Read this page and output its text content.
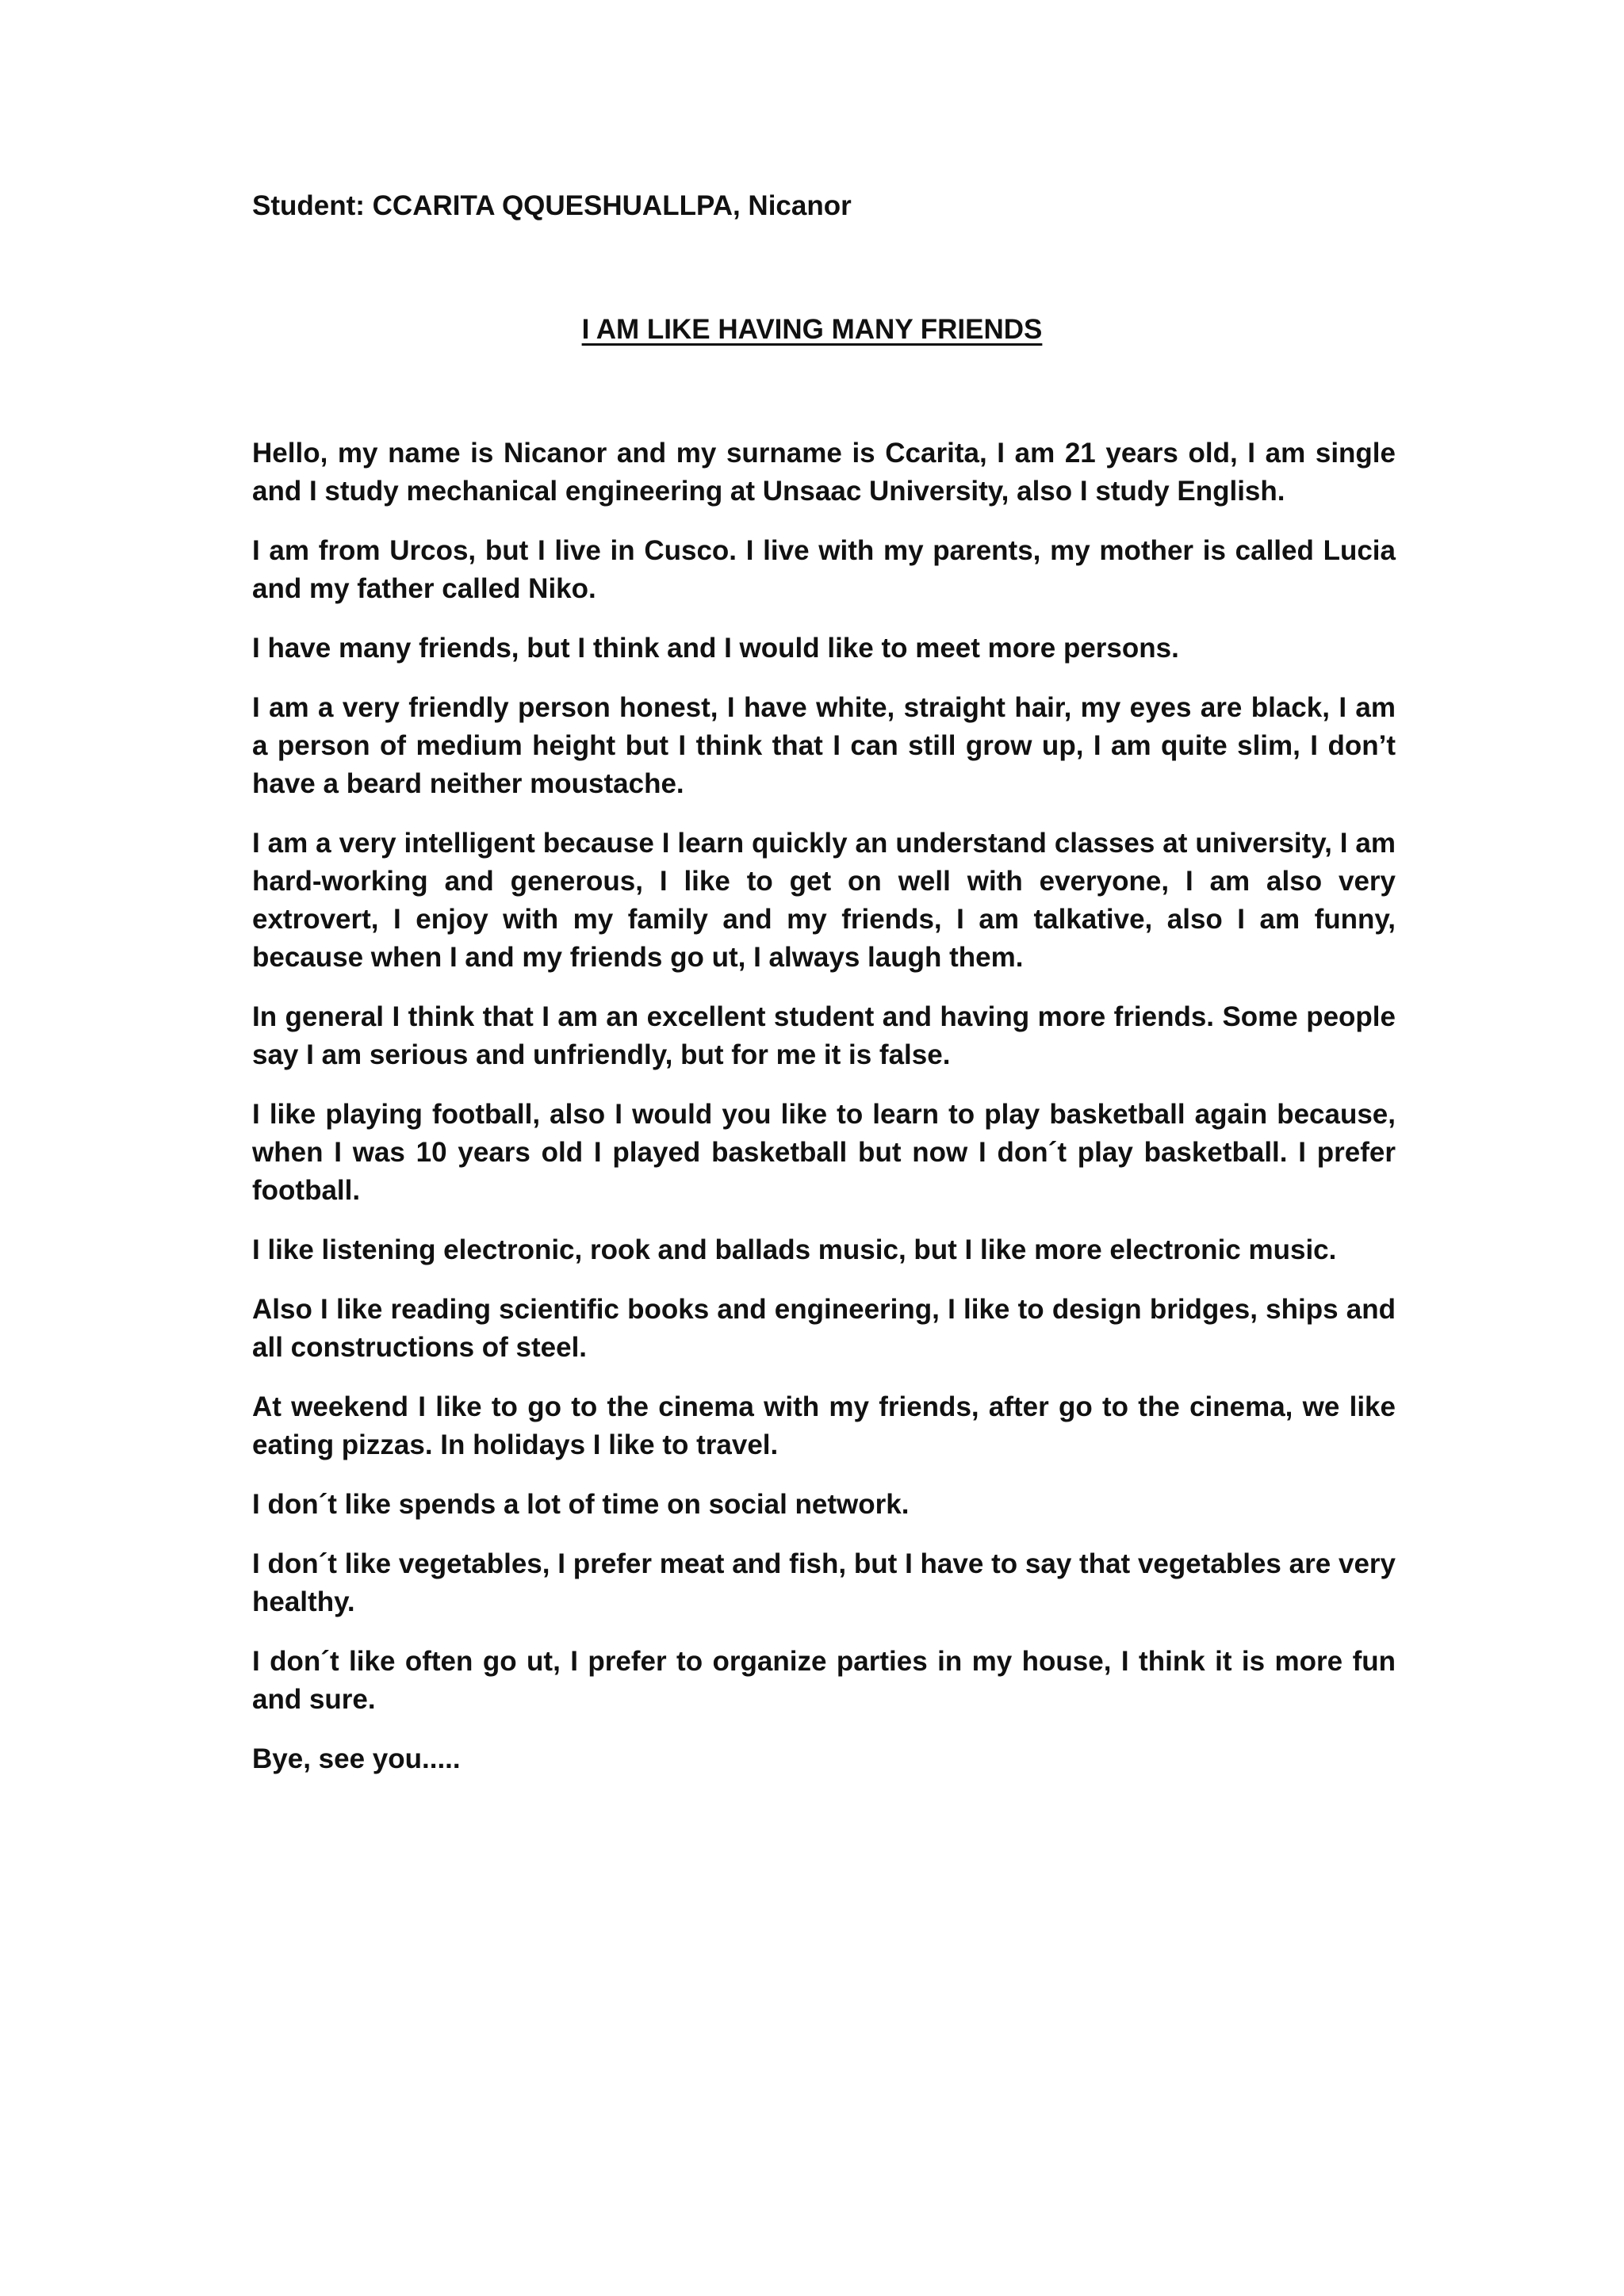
Student: CCARITA QQUESHUALLPA, Nicanor
I AM LIKE HAVING MANY FRIENDS

Hello, my name is Nicanor and my surname is Ccarita, I am 21 years old, I am single and I study mechanical engineering at Unsaac University, also I study English.

I am from Urcos, but I live in Cusco. I live with my parents, my mother is called Lucia and my father called Niko.

I have many friends, but I think and I would like to meet more persons.

I am a very friendly person honest, I have white, straight hair, my eyes are black, I am a person of medium height but I think that I can still grow up, I am quite slim, I don’t have a beard neither moustache.

I am a very intelligent because I learn quickly an understand classes at university, I am hard-working and generous, I like to get on well with everyone, I am also very extrovert, I enjoy with my family and my friends, I am talkative, also I am funny, because when I and my friends go ut, I always laugh them.

In general I think that I am an excellent student and having more friends. Some people say I am serious and unfriendly, but for me it is false.

I like playing football, also I would you like to learn to play basketball again because, when I was 10 years old I played basketball but now I don´t play basketball. I prefer football.

I like listening electronic, rook and ballads music, but I like more electronic music.

Also I like reading scientific books and engineering, I like to design bridges, ships and all constructions of steel.

At weekend I like to go to the cinema with my friends, after go to the cinema, we like eating pizzas. In holidays I like to travel.

I don´t like spends a lot of time on social network.

I don´t like vegetables, I prefer meat and fish, but I have to say that vegetables are very healthy.

I don´t like often go ut, I prefer to organize parties in my house, I think it is more fun and sure.

Bye, see you.....
